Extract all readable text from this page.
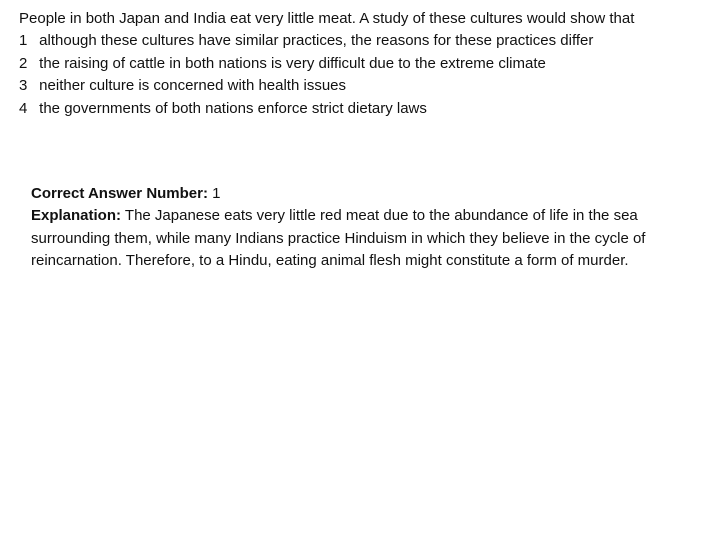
People in both Japan and India eat very little meat. A study of these cultures would show that

1 although these cultures have similar practices, the reasons for these practices differ
2 the raising of cattle in both nations is very difficult due to the extreme climate
3 neither culture is concerned with health issues
4 the governments of both nations enforce strict dietary laws

Correct Answer Number: 1

Explanation: The Japanese eats very little red meat due to the abundance of life in the sea surrounding them, while many Indians practice Hinduism in which they believe in the cycle of reincarnation. Therefore, to a Hindu, eating animal flesh might constitute a form of murder.
